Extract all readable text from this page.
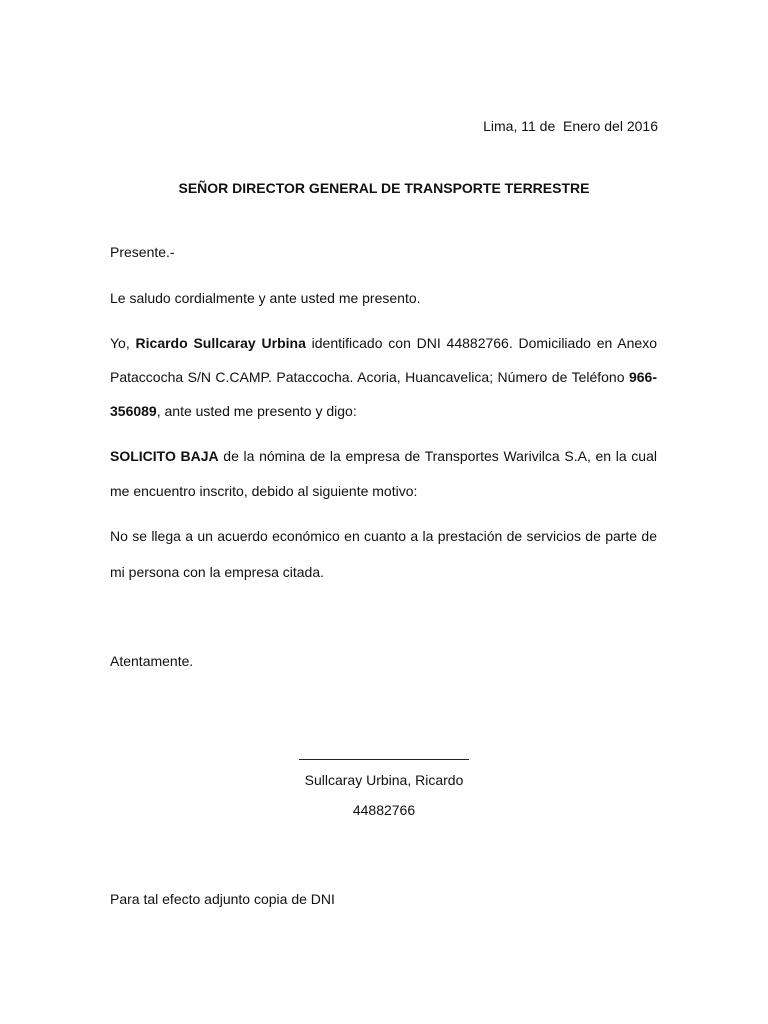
Lima, 11 de  Enero del 2016

SEÑOR DIRECTOR GENERAL DE TRANSPORTE TERRESTRE

Presente.-

Le saludo cordialmente y ante usted me presento.

Yo, Ricardo Sullcaray Urbina identificado con DNI 44882766. Domiciliado en Anexo Pataccocha S/N C.CAMP. Pataccocha. Acoria, Huancavelica; Número de Teléfono 966-356089, ante usted me presento y digo:

SOLICITO BAJA de la nómina de la empresa de Transportes Warivilca S.A, en la cual me encuentro inscrito, debido al siguiente motivo:

No se llega a un acuerdo económico en cuanto a la prestación de servicios de parte de mi persona con la empresa citada.

Atentamente.

Sullcaray Urbina, Ricardo

44882766

Para tal efecto adjunto copia de DNI
